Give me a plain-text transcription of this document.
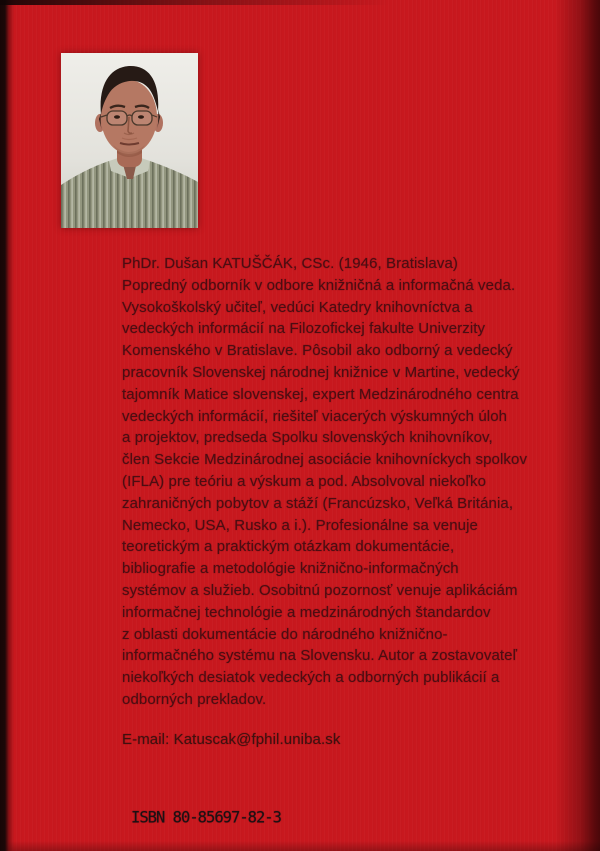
PhDr. Dušan KATUŠČÁK, CSc. (1946, Bratislava)
Popredný odborník v odbore knižničná a informačná veda.
Vysokoškolský učiteľ, vedúci Katedry knihovníctva a
vedeckých informácií na Filozofickej fakulte Univerzity
Komenského v Bratislave. Pôsobil ako odborný a vedecký
pracovník Slovenskej národnej knižnice v Martine, vedecký
tajomník Matice slovenskej, expert Medzinárodného centra
vedeckých informácií, riešiteľ viacerých výskumných úloh
a projektov, predseda Spolku slovenských knihovníkov,
člen Sekcie Medzinárodnej asociácie knihovníckych spolkov
(IFLA) pre teóriu a výskum a pod. Absolvoval niekoľko
zahraničných pobytov a stáží (Francúzsko, Veľká Británia,
Nemecko, USA, Rusko a i.). Profesionálne sa venuje
teoretickým a praktickým otázkam dokumentácie,
bibliografie a metodológie knižnično-informačných
systémov a služieb. Osobitnú pozornosť venuje aplikáciám
informačnej technológie a medzinárodných štandardov
z oblasti dokumentácie do národného knižnično-
informačného systému na Slovensku. Autor a zostavovateľ
niekoľkých desiatok vedeckých a odborných publikácií a
odborných prekladov.
E-mail: Katuscak@fphil.uniba.sk
ISBN 80-85697-82-3
